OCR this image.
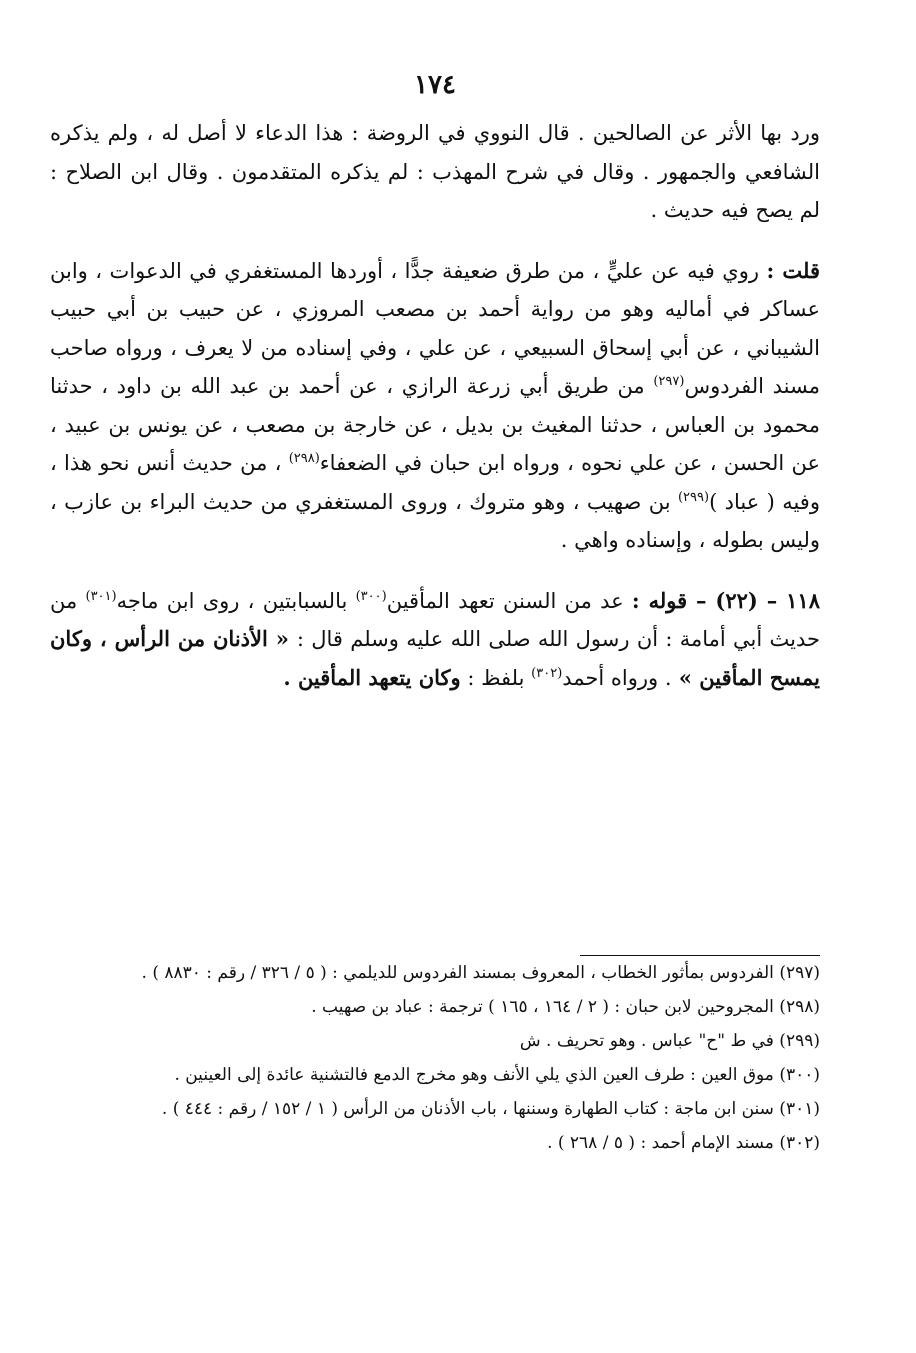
١٧٤

ورد بها الأثر عن الصالحين . قال النووي في الروضة : هذا الدعاء لا أصل له ، ولم يذكره الشافعي والجمهور . وقال في شرح المهذب : لم يذكره المتقدمون . وقال ابن الصلاح : لم يصح فيه حديث .

قلت : روي فيه عن عليٍّ ، من طرق ضعيفة جدًّا ، أوردها المستغفري في الدعوات ، وابن عساكر في أماليه وهو من رواية أحمد بن مصعب المروزي ، عن حبيب بن أبي حبيب الشيباني ، عن أبي إسحاق السبيعي ، عن علي ، وفي إسناده من لا يعرف ، ورواه صاحب مسند الفردوس$^{(٢٩٧)}$ من طريق أبي زرعة الرازي ، عن أحمد بن عبد الله بن داود ، حدثنا محمود بن العباس ، حدثنا المغيث بن بديل ، عن خارجة بن مصعب ، عن يونس بن عبيد ، عن الحسن ، عن علي نحوه ، ورواه ابن حبان في الضعفاء$^{(٢٩٨)}$ ، من حديث أنس نحو هذا ، وفيه ( عباد )$^{(٢٩٩)}$ بن صهيب ، وهو متروك ، وروى المستغفري من حديث البراء بن عازب ، وليس بطوله ، وإسناده واهي .

١١٨ – (٢٢) – قوله : عد من السنن تعهد المأقين$^{(٣٠٠)}$ بالسبابتين ، روى ابن ماجه$^{(٣٠١)}$ من حديث أبي أمامة : أن رسول الله صلى الله عليه وسلم قال : « الأذنان من الرأس ، وكان يمسح المأقين » . ورواه أحمد$^{(٣٠٢)}$ بلفظ : وكان يتعهد المأقين .

(٢٩٧) الفردوس بمأثور الخطاب ، المعروف بمسند الفردوس للديلمي : ( ٥ / ٣٢٦ / رقم : ٨٨٣٠ ) .

(٢٩٨) المجروحين لابن حبان : ( ٢ / ١٦٤ ، ١٦٥ ) ترجمة : عباد بن صهيب .

(٢٩٩) في ط "ح" عباس . وهو تحريف . ش

(٣٠٠) موق العين : طرف العين الذي يلي الأنف وهو مخرج الدمع فالتشنية عائدة إلى العينين .

(٣٠١) سنن ابن ماجة : كتاب الطهارة وسننها ، باب الأذنان من الرأس ( ١ / ١٥٢ / رقم : ٤٤٤ ) .

(٣٠٢) مسند الإمام أحمد : ( ٥ / ٢٦٨ ) .
